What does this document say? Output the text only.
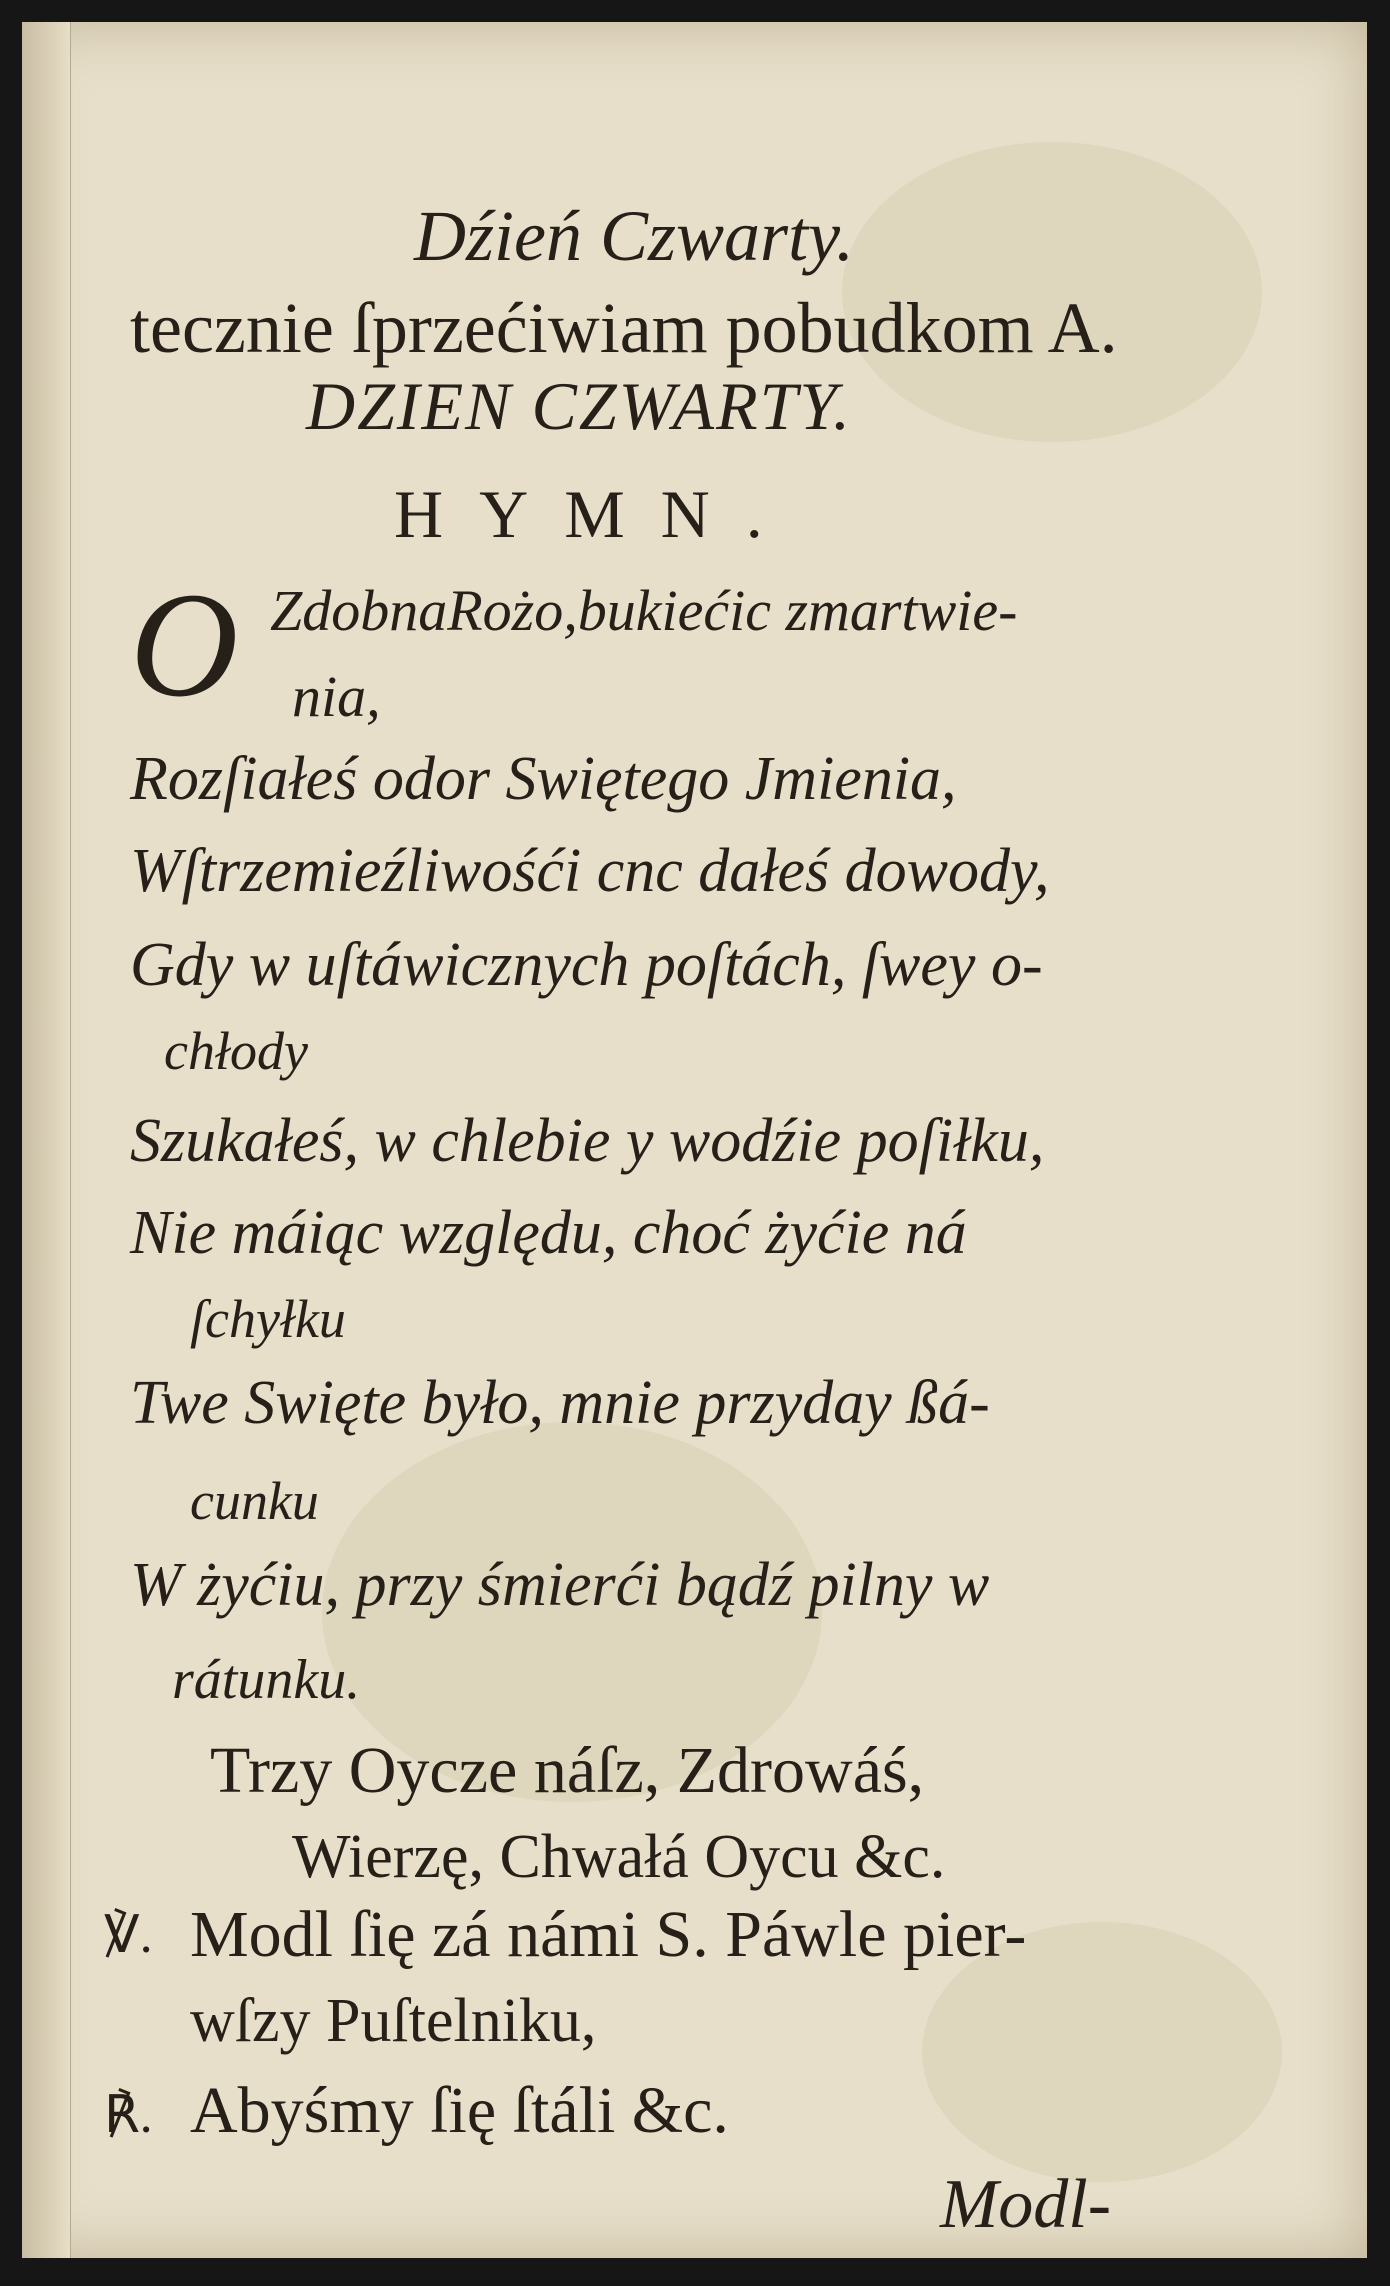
Dźień Czwarty.
tecznie ſprzećiwiam pobudkom A.
DZIEN CZWARTY.
HYMN.
O ZdobnaRożo,bukiećic zmartwie-
nia,
Rozſiałeś odor Swiętego Jmienia,
Wſtrzemieźliwośći cnc dałeś dowody,
Gdy w uſtáwicznych poſtách, ſwey o-
chłody
Szukałeś, w chlebie y wodźie poſiłku,
Nie máiąc względu, choć żyćie ná
ſchyłku
Twe Swięte było, mnie przyday ßá-
cunku
W żyćiu, przy śmierći bądź pilny w
rátunku.
Trzy Oycze náſz, Zdrowáś,
Wierzę, Chwałá Oycu &c.
℣. Modl ſię zá námi S. Páwle pier-
wſzy Puſtelniku,
℟. Abyśmy ſię ſtáli &c.
Modl-
